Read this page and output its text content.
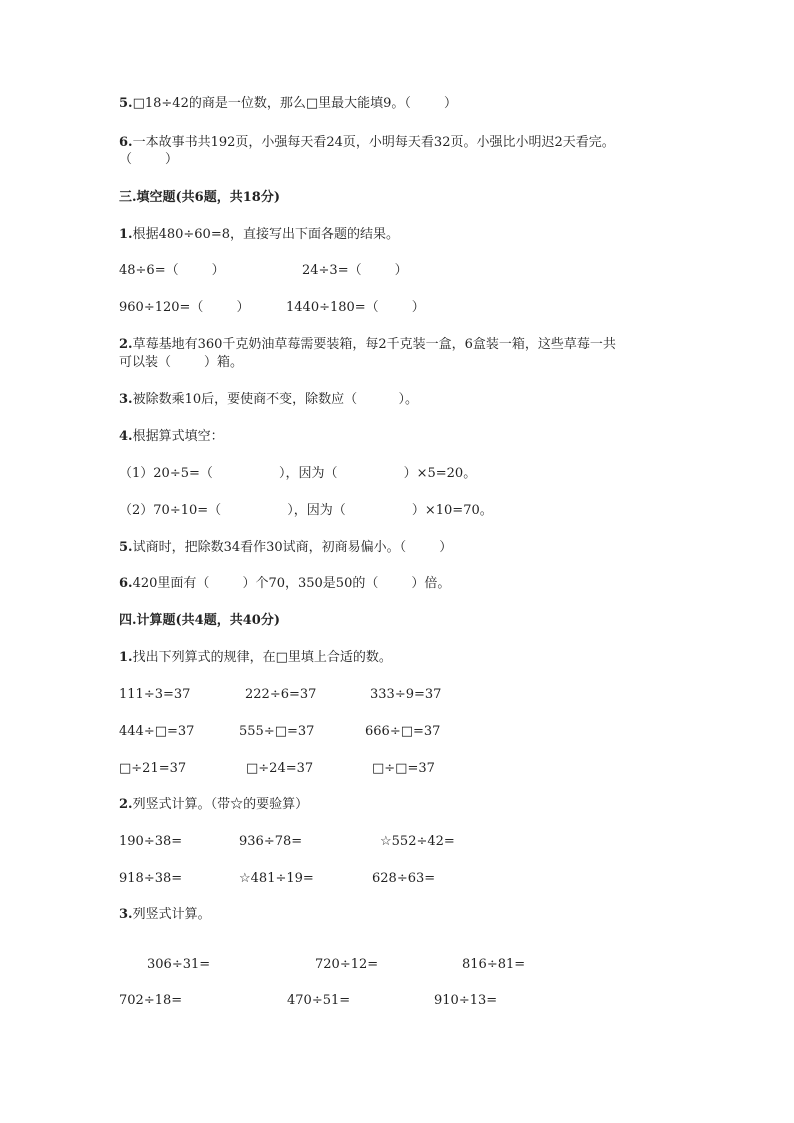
5.□18÷42的商是一位数，那么□里最大能填9。（        ）
6.一本故事书共192页，小强每天看24页，小明每天看32页。小强比小明迟2天看完。
（        ）
三.填空题(共6题，共18分)
1.根据480÷60=8，直接写出下面各题的结果。
48÷6=（        ）	24÷3=（        ）
960÷120=（        ）	1440÷180=（        ）
2.草莓基地有360千克奶油草莓需要装箱，每2千克装一盒，6盒装一箱，这些草莓一共
可以装（        ）箱。
3.被除数乘10后，要使商不变，除数应（          ）。
4.根据算式填空：
（1）20÷5=（                ），因为（                ）×5=20。
（2）70÷10=（                ），因为（                ）×10=70。
5.试商时，把除数34看作30试商，初商易偏小。（        ）
6.420里面有（        ）个70，350是50的（        ）倍。
四.计算题(共4题，共40分)
1.找出下列算式的规律，在□里填上合适的数。
111÷3=37	222÷6=37	333÷9=37
444÷□=37	555÷□=37	666÷□=37
□÷21=37	□÷24=37	□÷□=37
2.列竖式计算。（带☆的要验算）
190÷38=	936÷78=	☆552÷42=
918÷38=	☆481÷19=	628÷63=
3.列竖式计算。
306÷31=	720÷12=	816÷81=
702÷18=	470÷51=	910÷13=
